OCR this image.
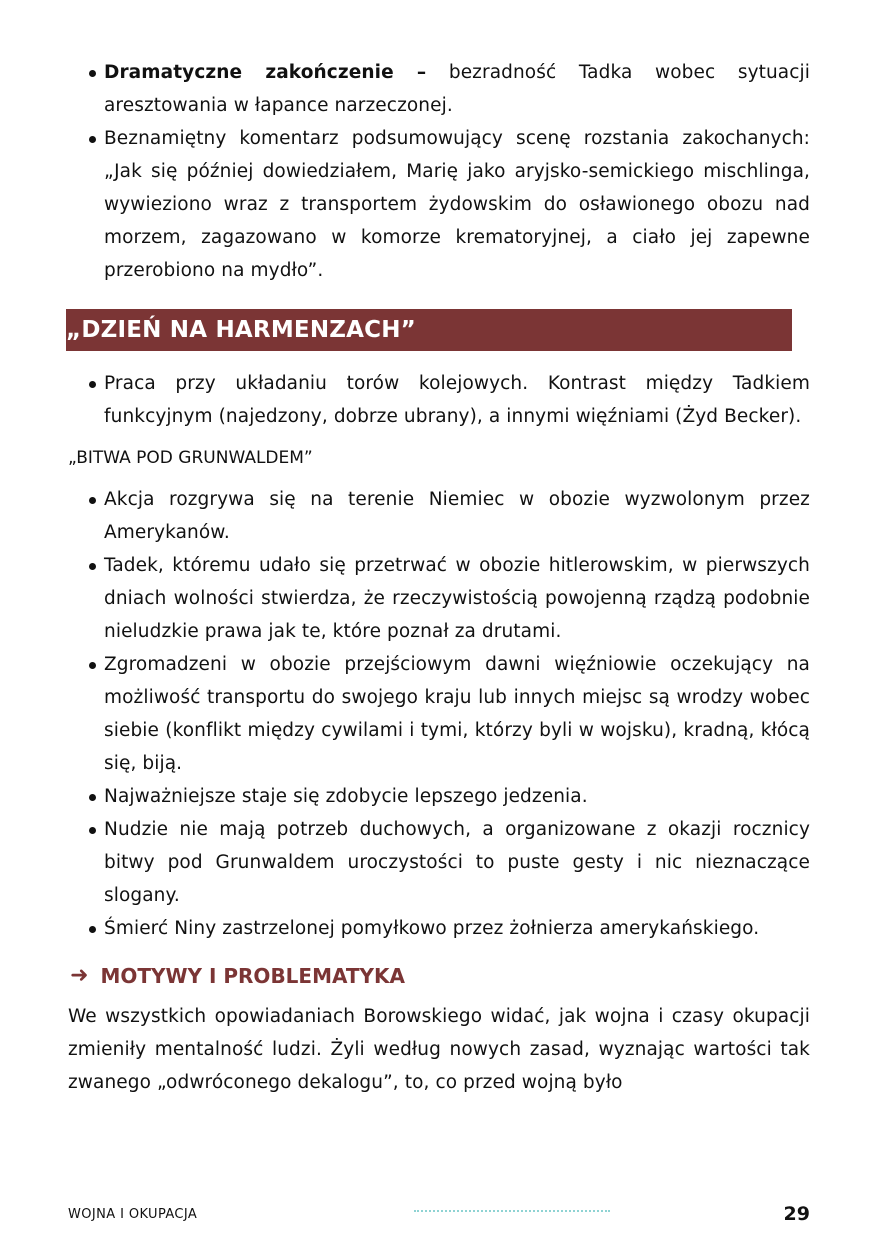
Dramatyczne zakończenie – bezradność Tadka wobec sytuacji aresztowania w łapance narzeczonej.
Beznamiętny komentarz podsumowujący scenę rozstania zakochanych: „Jak się później dowiedziałem, Marię jako aryjsko-semickiego mischlinga, wywieziono wraz z transportem żydowskim do osławionego obozu nad morzem, zagazowano w komorze krematoryjnej, a ciało jej zapewne przerobiono na mydło”.
„DZIEŃ NA HARMENZACH”
Praca przy układaniu torów kolejowych. Kontrast między Tadkiem funkcyjnym (najedzony, dobrze ubrany), a innymi więźniami (Żyd Becker).
„BITWA POD GRUNWALDEM”
Akcja rozgrywa się na terenie Niemiec w obozie wyzwolonym przez Amerykanów.
Tadek, któremu udało się przetrwać w obozie hitlerowskim, w pierwszych dniach wolności stwierdza, że rzeczywistością powojenną rządzą podobnie nieludzkie prawa jak te, które poznał za drutami.
Zgromadzeni w obozie przejściowym dawni więźniowie oczekujący na możliwość transportu do swojego kraju lub innych miejsc są wrodzy wobec siebie (konflikt między cywilami i tymi, którzy byli w wojsku), kradną, kłócą się, biją.
Najważniejsze staje się zdobycie lepszego jedzenia.
Nudzie nie mają potrzeb duchowych, a organizowane z okazji rocznicy bitwy pod Grunwaldem uroczystości to puste gesty i nic nieznaczące slogany.
Śmierć Niny zastrzelonej pomyłkowo przez żołnierza amerykańskiego.
➜ MOTYWY I PROBLEMATYKA

We wszystkich opowiadaniach Borowskiego widać, jak wojna i czasy okupacji zmieniły mentalność ludzi. Żyli według nowych zasad, wyznając wartości tak zwanego „odwróconego dekalogu”, to, co przed wojną było

WOJNA I OKUPACJA	29
